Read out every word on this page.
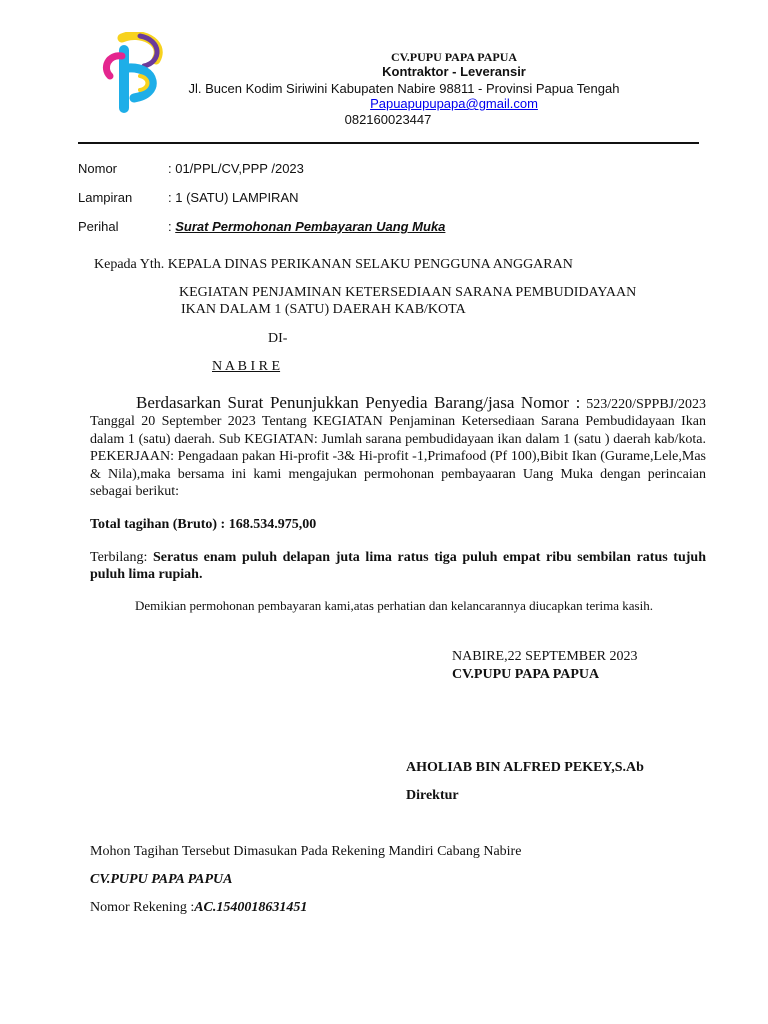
CV.PUPU PAPA PAPUA
Kontraktor - Leveransir
Jl. Bucen Kodim Siriwini Kabupaten Nabire 98811 - Provinsi Papua Tengah
Papuapupupapa@gmail.com
082160023447
Nomor	: 01/PPL/CV,PPP /2023
Lampiran	: 1 (SATU) LAMPIRAN
Perihal	: Surat Permohonan Pembayaran Uang Muka
Kepada Yth. KEPALA DINAS PERIKANAN SELAKU PENGGUNA ANGGARAN
KEGIATAN PENJAMINAN KETERSEDIAAN SARANA PEMBUDIDAYAAN
IKAN DALAM 1 (SATU) DAERAH KAB/KOTA
DI-
N A B I R E
Berdasarkan Surat Penunjukkan Penyedia Barang/jasa Nomor : 523/220/SPPBJ/2023 Tanggal 20 September 2023 Tentang KEGIATAN Penjaminan Ketersediaan Sarana Pembudidayaan Ikan dalam 1 (satu) daerah. Sub KEGIATAN: Jumlah sarana pembudidayaan ikan dalam 1 (satu ) daerah kab/kota. PEKERJAAN: Pengadaan pakan Hi-profit -3& Hi-profit -1,Primafood (Pf 100),Bibit Ikan (Gurame,Lele,Mas & Nila),maka bersama ini kami mengajukan permohonan pembayaaran Uang Muka dengan perincaian sebagai berikut:
Total tagihan (Bruto) : 168.534.975,00
Terbilang: Seratus enam puluh delapan juta lima ratus tiga puluh empat ribu sembilan ratus tujuh puluh lima rupiah.
Demikian permohonan pembayaran kami,atas perhatian dan kelancarannya diucapkan terima kasih.
NABIRE,22 SEPTEMBER 2023
CV.PUPU PAPA PAPUA
AHOLIAB BIN ALFRED PEKEY,S.Ab
Direktur
Mohon Tagihan Tersebut Dimasukan Pada Rekening Mandiri Cabang Nabire
CV.PUPU PAPA PAPUA
Nomor Rekening :AC.1540018631451
